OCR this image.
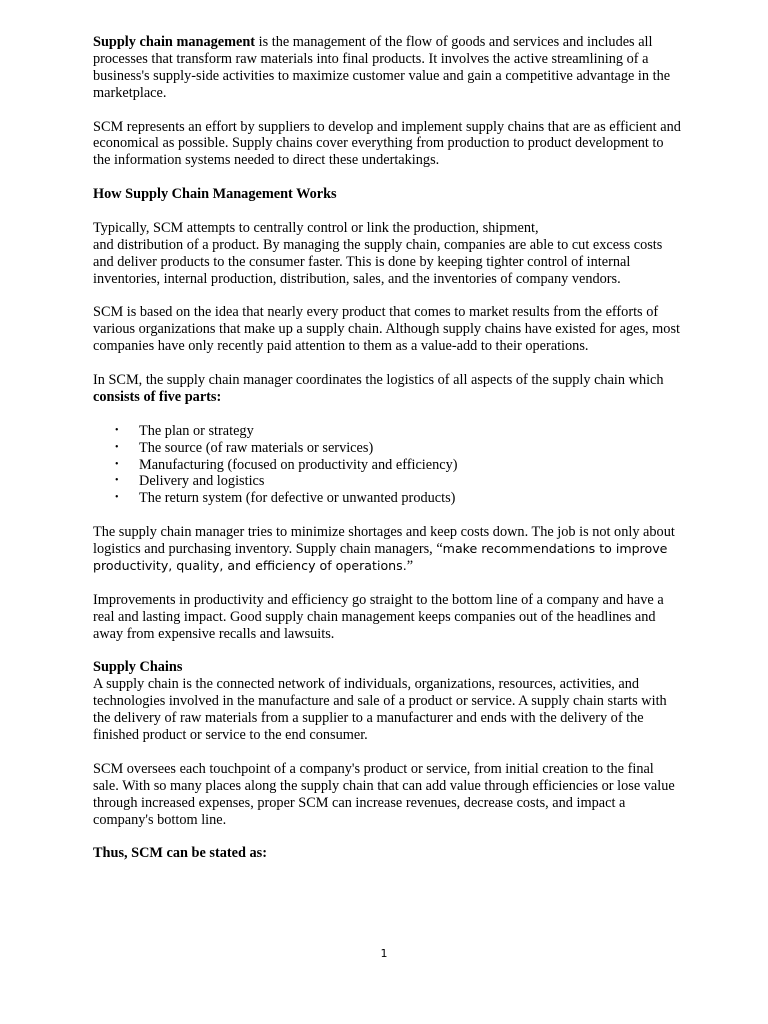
Supply chain management is the management of the flow of goods and services and includes all processes that transform raw materials into final products. It involves the active streamlining of a business's supply-side activities to maximize customer value and gain a competitive advantage in the marketplace.

SCM represents an effort by suppliers to develop and implement supply chains that are as efficient and economical as possible. Supply chains cover everything from production to product development to the information systems needed to direct these undertakings.

How Supply Chain Management Works

Typically, SCM attempts to centrally control or link the production, shipment,
and distribution of a product. By managing the supply chain, companies are able to cut excess costs and deliver products to the consumer faster. This is done by keeping tighter control of internal inventories, internal production, distribution, sales, and the inventories of company vendors.

SCM is based on the idea that nearly every product that comes to market results from the efforts of various organizations that make up a supply chain. Although supply chains have existed for ages, most companies have only recently paid attention to them as a value-add to their operations.

In SCM, the supply chain manager coordinates the logistics of all aspects of the supply chain which consists of five parts:

• The plan or strategy
• The source (of raw materials or services)
• Manufacturing (focused on productivity and efficiency)
• Delivery and logistics
• The return system (for defective or unwanted products)

The supply chain manager tries to minimize shortages and keep costs down. The job is not only about logistics and purchasing inventory. Supply chain managers, “make recommendations to improve productivity, quality, and efficiency of operations.”

Improvements in productivity and efficiency go straight to the bottom line of a company and have a real and lasting impact. Good supply chain management keeps companies out of the headlines and away from expensive recalls and lawsuits.

Supply Chains

A supply chain is the connected network of individuals, organizations, resources, activities, and technologies involved in the manufacture and sale of a product or service. A supply chain starts with the delivery of raw materials from a supplier to a manufacturer and ends with the delivery of the finished product or service to the end consumer.

SCM oversees each touchpoint of a company's product or service, from initial creation to the final sale. With so many places along the supply chain that can add value through efficiencies or lose value through increased expenses, proper SCM can increase revenues, decrease costs, and impact a company's bottom line.

Thus, SCM can be stated as:

1
